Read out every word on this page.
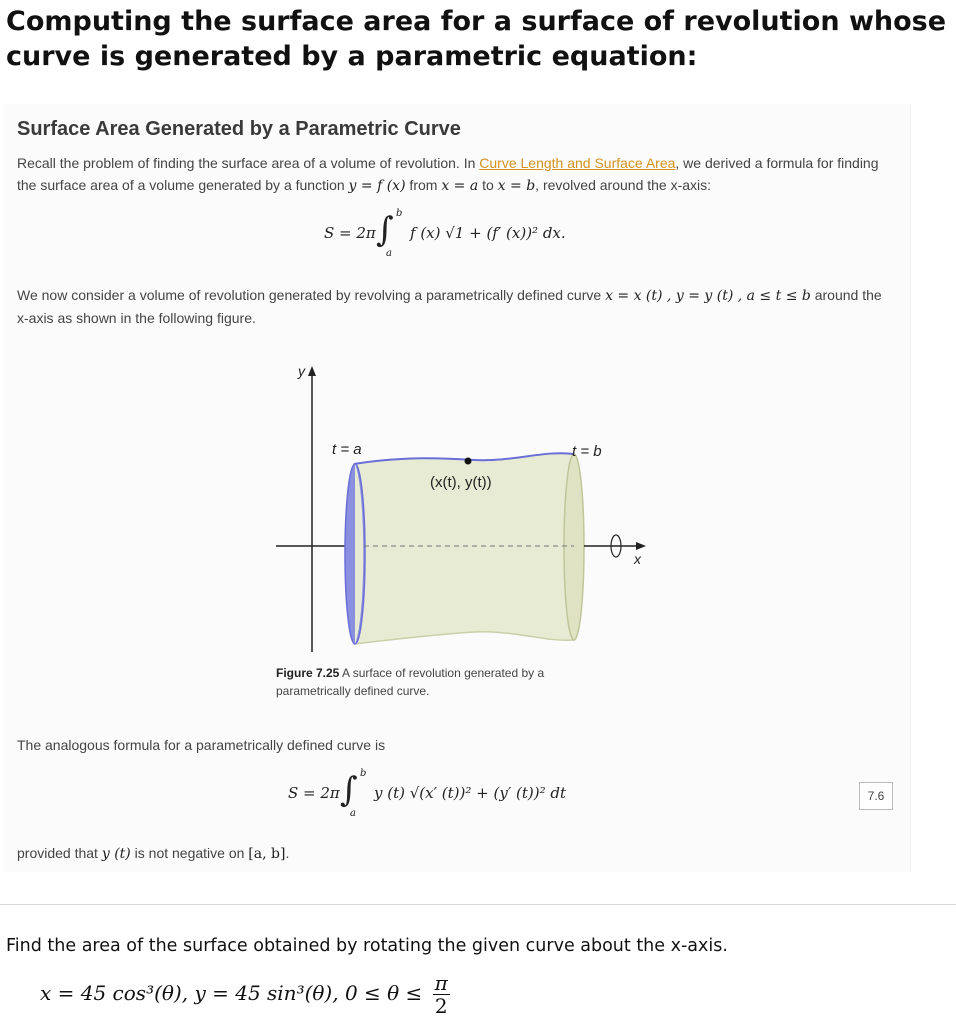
Computing the surface area for a surface of revolution whose curve is generated by a parametric equation:
Surface Area Generated by a Parametric Curve

Recall the problem of finding the surface area of a volume of revolution. In Curve Length and Surface Area, we derived a formula for finding the surface area of a volume generated by a function y = f (x) from x = a to x = b, revolved around the x-axis:

S = 2π ∫ b
a
f (x) √1 + (f′ (x))² dx.

We now consider a volume of revolution generated by revolving a parametrically defined curve x = x (t) , y = y (t) , a ≤ t ≤ b around the x-axis as shown in the following figure.

y
x
t = a	t = b
(x(t), y(t))
Figure 7.25 A surface of revolution generated by a parametrically defined curve.

The analogous formula for a parametrically defined curve is

S = 2π ∫ b
a
y (t) √(x′ (t))² + (y′ (t))² dt	7.6

provided that y (t) is not negative on [a, b].

Find the area of the surface obtained by rotating the given curve about the x-axis.

x = 45 cos³(θ), y = 45 sin³(θ), $0 \le \theta \le \frac{\pi}{2}$
